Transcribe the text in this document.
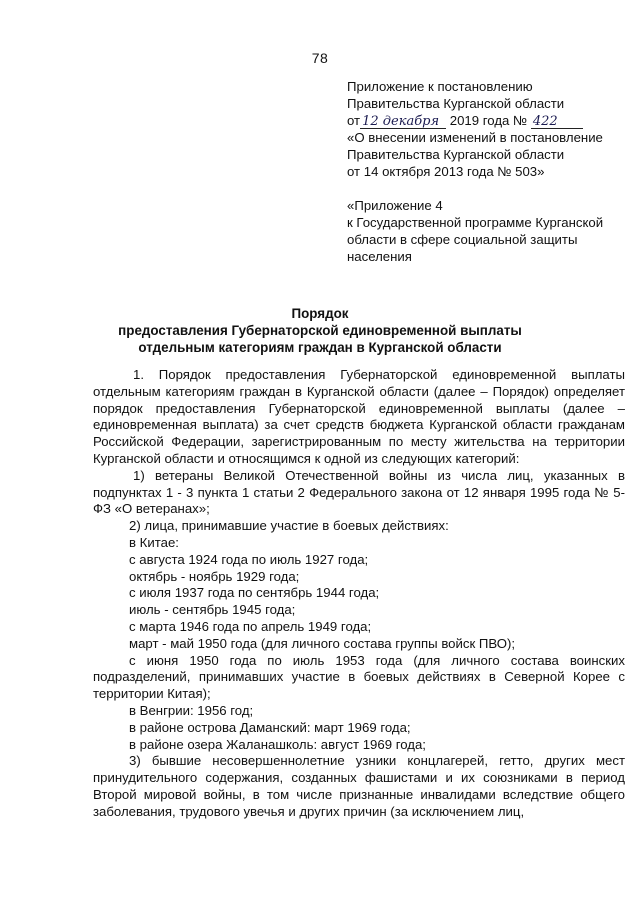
78
Приложение к постановлению
Правительства Курганской области
от 12 декабря 2019 года № 422
«О внесении изменений в постановление
Правительства Курганской области
от 14 октября 2013 года № 503»
«Приложение 4
к Государственной программе Курганской
области в сфере социальной защиты
населения
Порядок
предоставления Губернаторской единовременной выплаты
отдельным категориям граждан в Курганской области

1. Порядок предоставления Губернаторской единовременной выплаты отдельным категориям граждан в Курганской области (далее – Порядок) определяет порядок предоставления Губернаторской единовременной выплаты (далее – единовременная выплата) за счет средств бюджета Курганской области гражданам Российской Федерации, зарегистрированным по месту жительства на территории Курганской области и относящимся к одной из следующих категорий:

1) ветераны Великой Отечественной войны из числа лиц, указанных в подпунктах 1 - 3 пункта 1 статьи 2 Федерального закона от 12 января 1995 года № 5-ФЗ «О ветеранах»;

2) лица, принимавшие участие в боевых действиях:

в Китае:

с августа 1924 года по июль 1927 года;

октябрь - ноябрь 1929 года;

с июля 1937 года по сентябрь 1944 года;

июль - сентябрь 1945 года;

с марта 1946 года по апрель 1949 года;

март - май 1950 года (для личного состава группы войск ПВО);

с июня 1950 года по июль 1953 года (для личного состава воинских подразделений, принимавших участие в боевых действиях в Северной Корее с территории Китая);

в Венгрии: 1956 год;

в районе острова Даманский: март 1969 года;

в районе озера Жаланашколь: август 1969 года;

3) бывшие несовершеннолетние узники концлагерей, гетто, других мест принудительного содержания, созданных фашистами и их союзниками в период Второй мировой войны, в том числе признанные инвалидами вследствие общего заболевания, трудового увечья и других причин (за исключением лиц,
